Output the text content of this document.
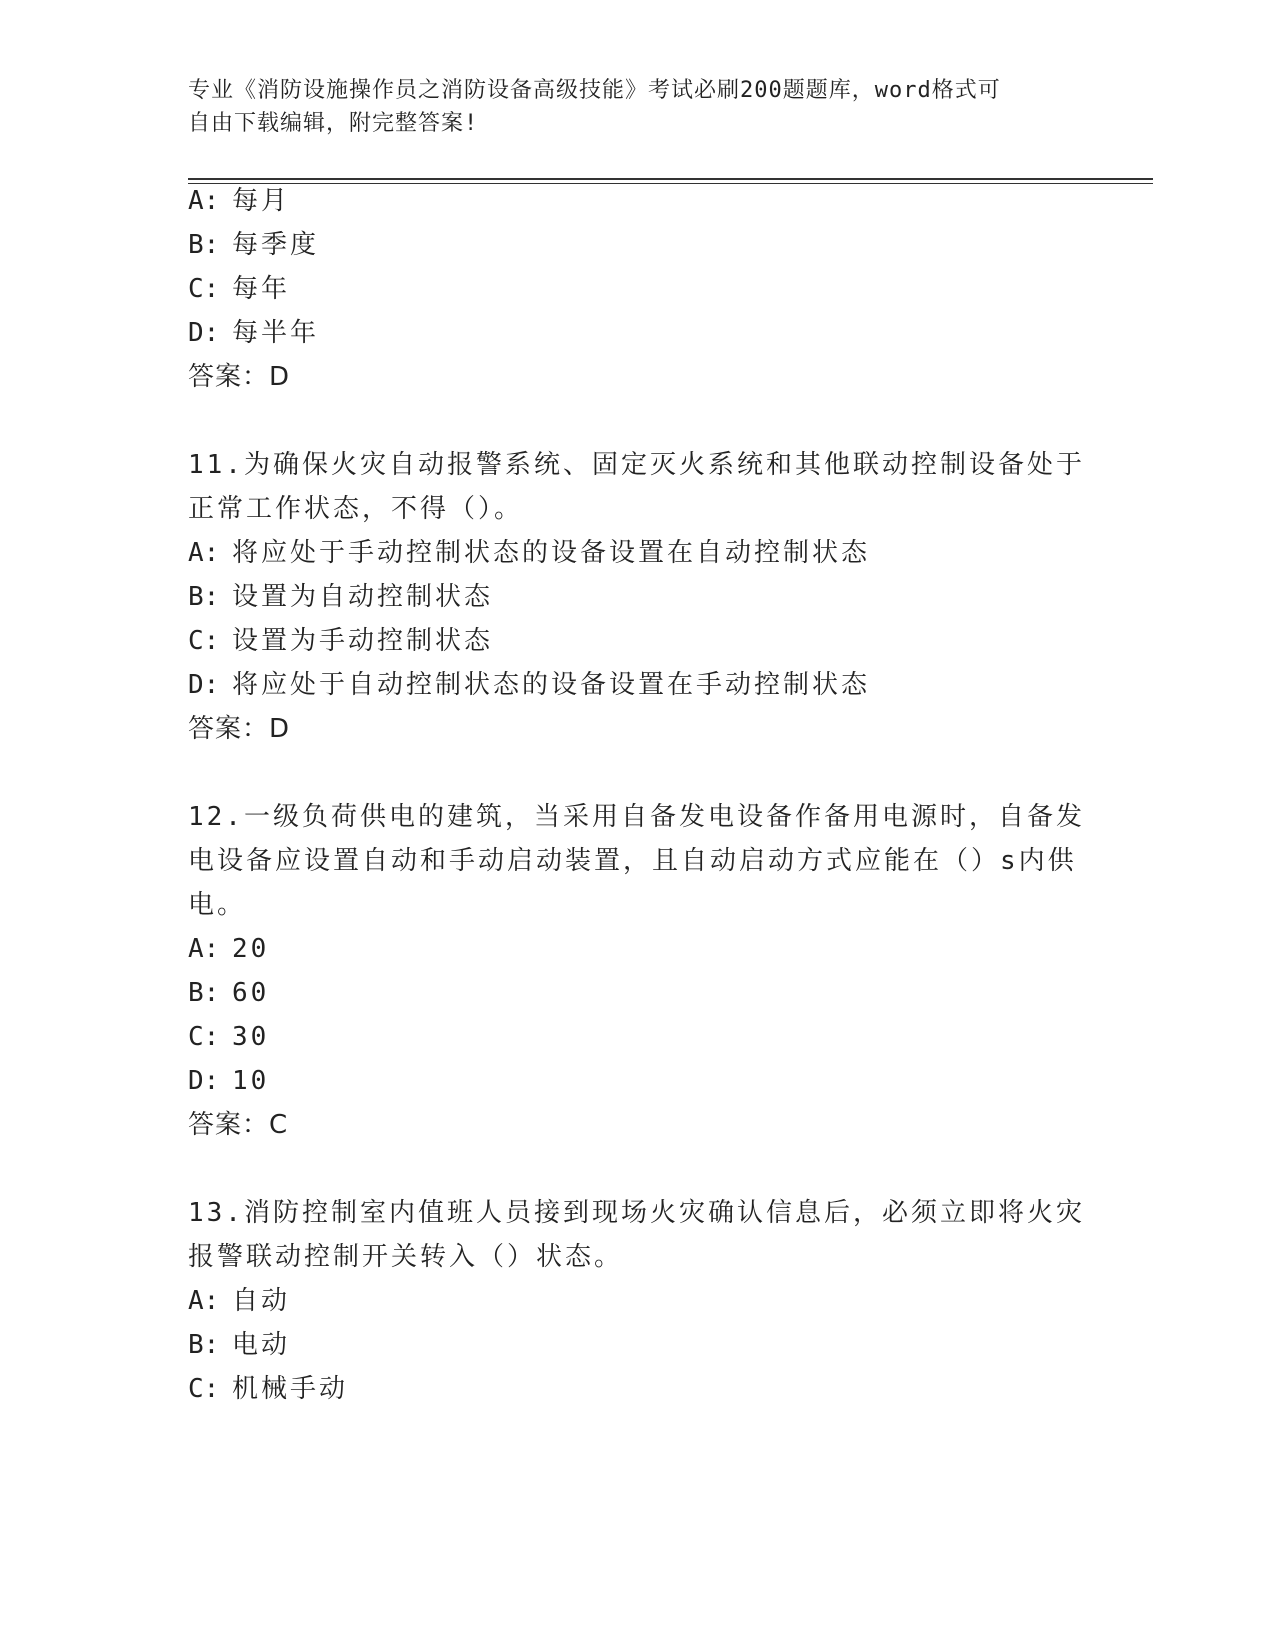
专业《消防设施操作员之消防设备高级技能》考试必刷200题题库，word格式可
自由下载编辑，附完整答案!
A: 每月
B: 每季度
C: 每年
D: 每半年
答案：D
11.为确保火灾自动报警系统、固定灭火系统和其他联动控制设备处于
正常工作状态，不得（）。
A: 将应处于手动控制状态的设备设置在自动控制状态
B: 设置为自动控制状态
C: 设置为手动控制状态
D: 将应处于自动控制状态的设备设置在手动控制状态
答案：D
12.一级负荷供电的建筑，当采用自备发电设备作备用电源时，自备发
电设备应设置自动和手动启动装置，且自动启动方式应能在（）s内供
电。
A: 20
B: 60
C: 30
D: 10
答案：C
13.消防控制室内值班人员接到现场火灾确认信息后，必须立即将火灾
报警联动控制开关转入（）状态。
A: 自动
B: 电动
C: 机械手动
